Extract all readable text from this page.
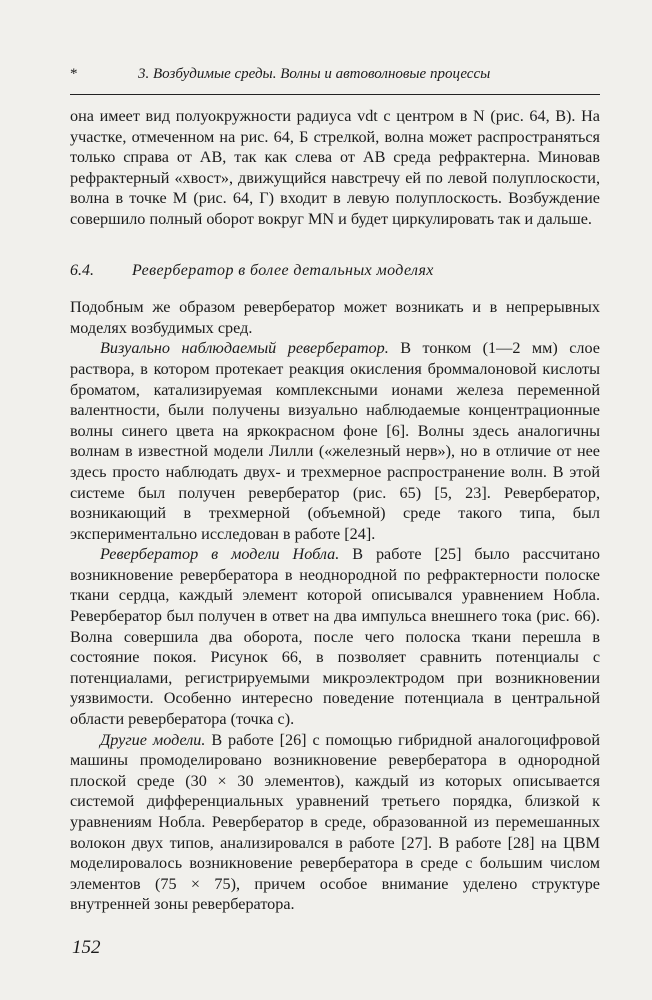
*	3. Возбудимые среды. Волны и автоволновые процессы

она имеет вид полуокружности радиуса vdt с центром в N (рис. 64, В). На участке, отмеченном на рис. 64, Б стрелкой, волна может распространяться только справа от AB, так как слева от AB среда рефрактерна. Миновав рефрактерный «хвост», движущийся навстречу ей по левой полуплоскости, волна в точке M (рис. 64, Г) входит в левую полуплоскость. Возбуждение совершило полный оборот вокруг MN и будет циркулировать так и дальше.

6.4. Ревербератор в более детальных моделях

Подобным же образом ревербератор может возникать и в непрерывных моделях возбудимых сред.

Визуально наблюдаемый ревербератор. В тонком (1—2 мм) слое раствора, в котором протекает реакция окисления броммалоновой кислоты броматом, катализируемая комплексными ионами железа переменной валентности, были получены визуально наблюдаемые концентрационные волны синего цвета на яркокрасном фоне [6]. Волны здесь аналогичны волнам в известной модели Лилли («железный нерв»), но в отличие от нее здесь просто наблюдать двух- и трехмерное распространение волн. В этой системе был получен ревербератор (рис. 65) [5, 23]. Ревербератор, возникающий в трехмерной (объемной) среде такого типа, был экспериментально исследован в работе [24].

Ревербератор в модели Нобла. В работе [25] было рассчитано возникновение ревербератора в неоднородной по рефрактерности полоске ткани сердца, каждый элемент которой описывался уравнением Нобла. Ревербератор был получен в ответ на два импульса внешнего тока (рис. 66). Волна совершила два оборота, после чего полоска ткани перешла в состояние покоя. Рисунок 66, в позволяет сравнить потенциалы с потенциалами, регистрируемыми микроэлектродом при возникновении уязвимости. Особенно интересно поведение потенциала в центральной области ревербератора (точка с).

Другие модели. В работе [26] с помощью гибридной аналогоцифровой машины промоделировано возникновение ревербератора в однородной плоской среде (30 × 30 элементов), каждый из которых описывается системой дифференциальных уравнений третьего порядка, близкой к уравнениям Нобла. Ревербератор в среде, образованной из перемешанных волокон двух типов, анализировался в работе [27]. В работе [28] на ЦВМ моделировалось возникновение ревербератора в среде с большим числом элементов (75 × 75), причем особое внимание уделено структуре внутренней зоны ревербератора.

152
